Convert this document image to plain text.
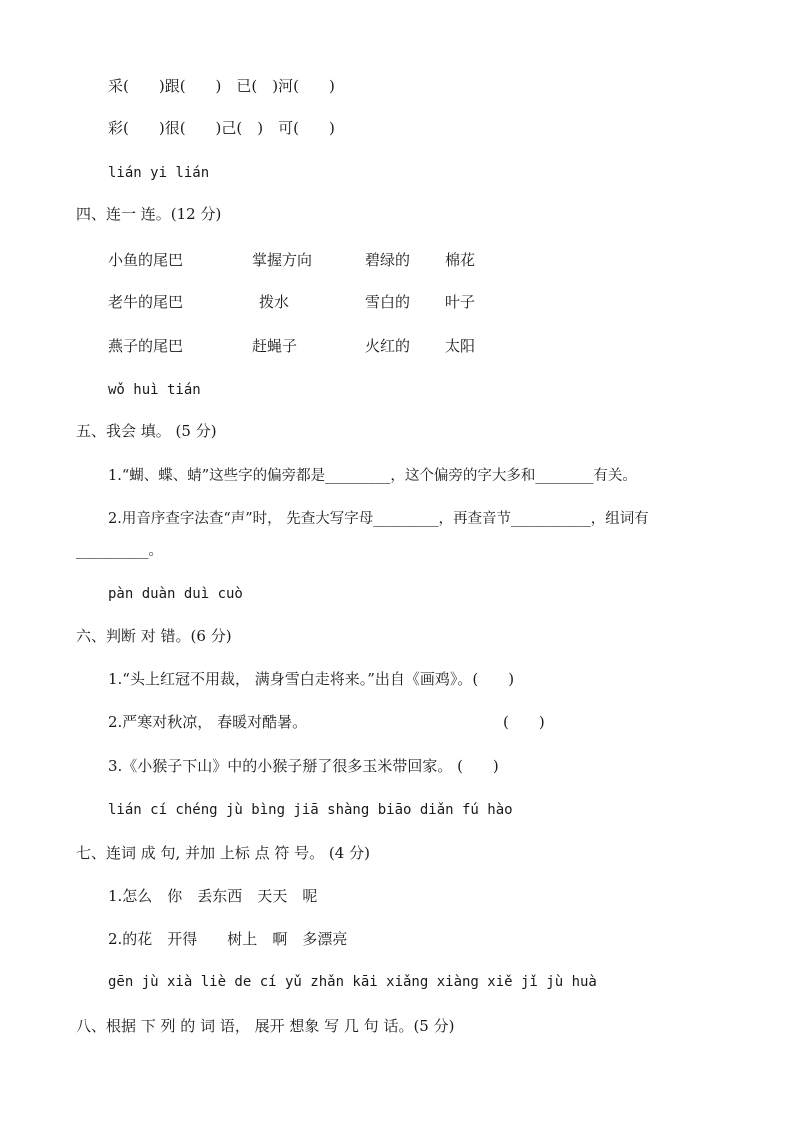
采(　　)跟(　　)　已(　)河(　　)
彩(　　)很(　　)己(　)　可(　　)
lián yi lián
四、连一 连。(12 分)
小鱼的尾巴	掌握方向	碧绿的 棉花
老牛的尾巴	拨水	雪白的 叶子
燕子的尾巴	赶蝇子	火红的 太阳
wǒ huì tián
五、我会 填。 (5 分)
1.“蝴、蝶、蜻”这些字的偏旁都是_________，这个偏旁的字大多和________有关。
2.用音序查字法查“声”时， 先查大写字母_________，再查音节___________，组词有
__________。
pàn duàn duì cuò
六、判断 对 错。(6 分)
1.“头上红冠不用裁， 满身雪白走将来。”出自《画鸡》。(　　)
2.严寒对秋凉， 春暖对酷暑。	(　　)
3.《小猴子下山》中的小猴子掰了很多玉米带回家。 (　　)
lián cí chéng jù bìng jiā shàng biāo diǎn fú hào
七、连词 成 句, 并加 上标 点 符 号。 (4 分)
1.怎么　你　丢东西　天天　呢
2.的花　开得　　树上　啊　多漂亮
gēn jù xià liè de cí yǔ zhǎn kāi xiǎng xiàng xiě jǐ jù huà
八、根据 下 列 的 词 语， 展开 想象 写 几 句 话。(5 分)
